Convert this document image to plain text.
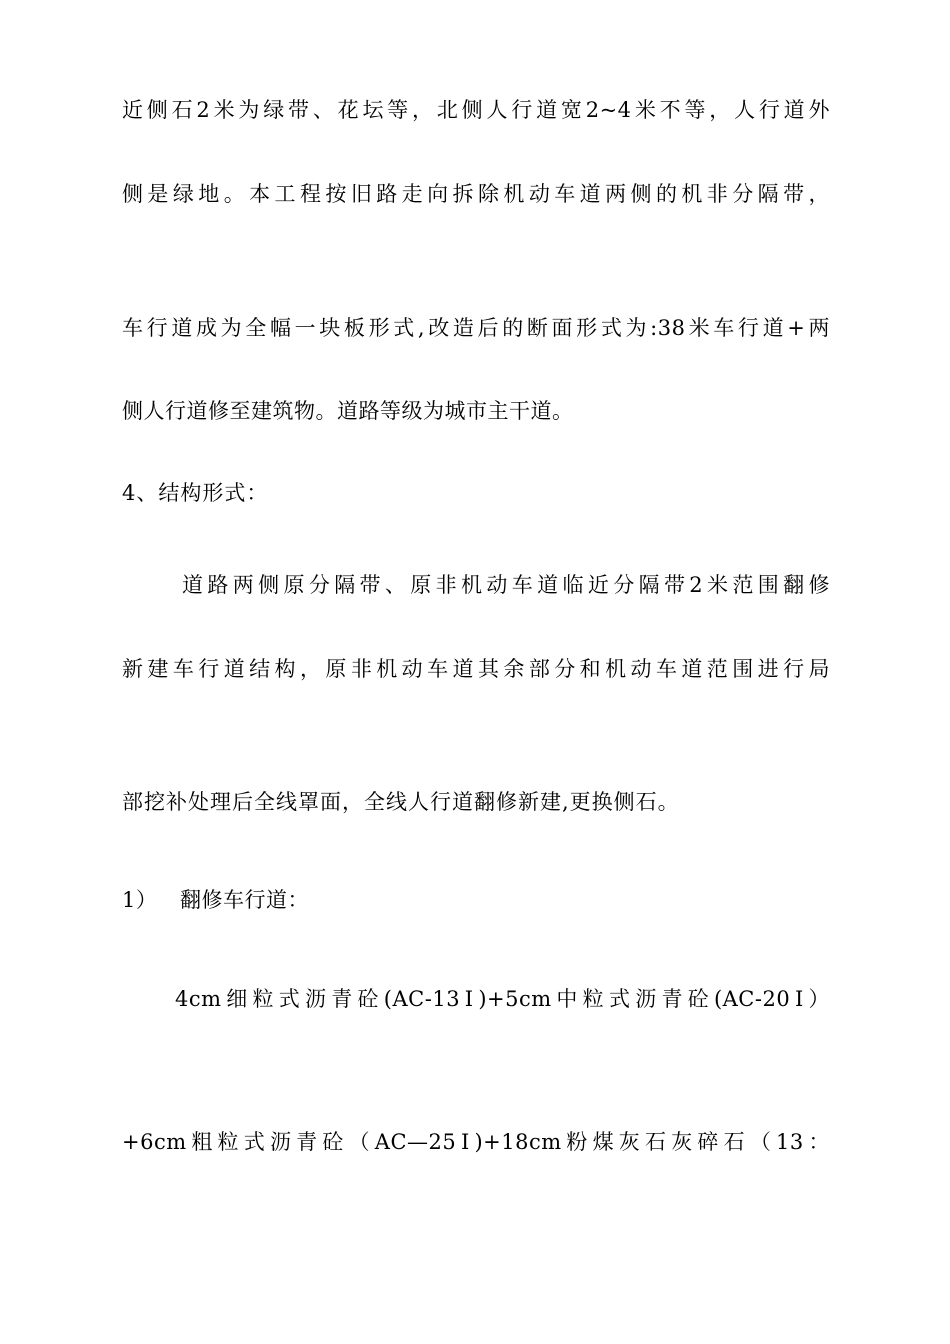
近侧石2米为绿带、花坛等，北侧人行道宽2~4米不等，人行道外
侧是绿地。本工程按旧路走向拆除机动车道两侧的机非分隔带，
车行道成为全幅一块板形式,改造后的断面形式为:38米车行道+两
侧人行道修至建筑物。道路等级为城市主干道。
4、结构形式：
道路两侧原分隔带、原非机动车道临近分隔带2米范围翻修
新建车行道结构，原非机动车道其余部分和机动车道范围进行局
部挖补处理后全线罩面，全线人行道翻修新建,更换侧石。
1） 翻修车行道：
4cm细粒式沥青砼(AC-13Ⅰ)+5cm中粒式沥青砼(AC-20Ⅰ）
+6cm粗粒式沥青砼（AC—25Ⅰ)+18cm粉煤灰石灰碎石（13：
